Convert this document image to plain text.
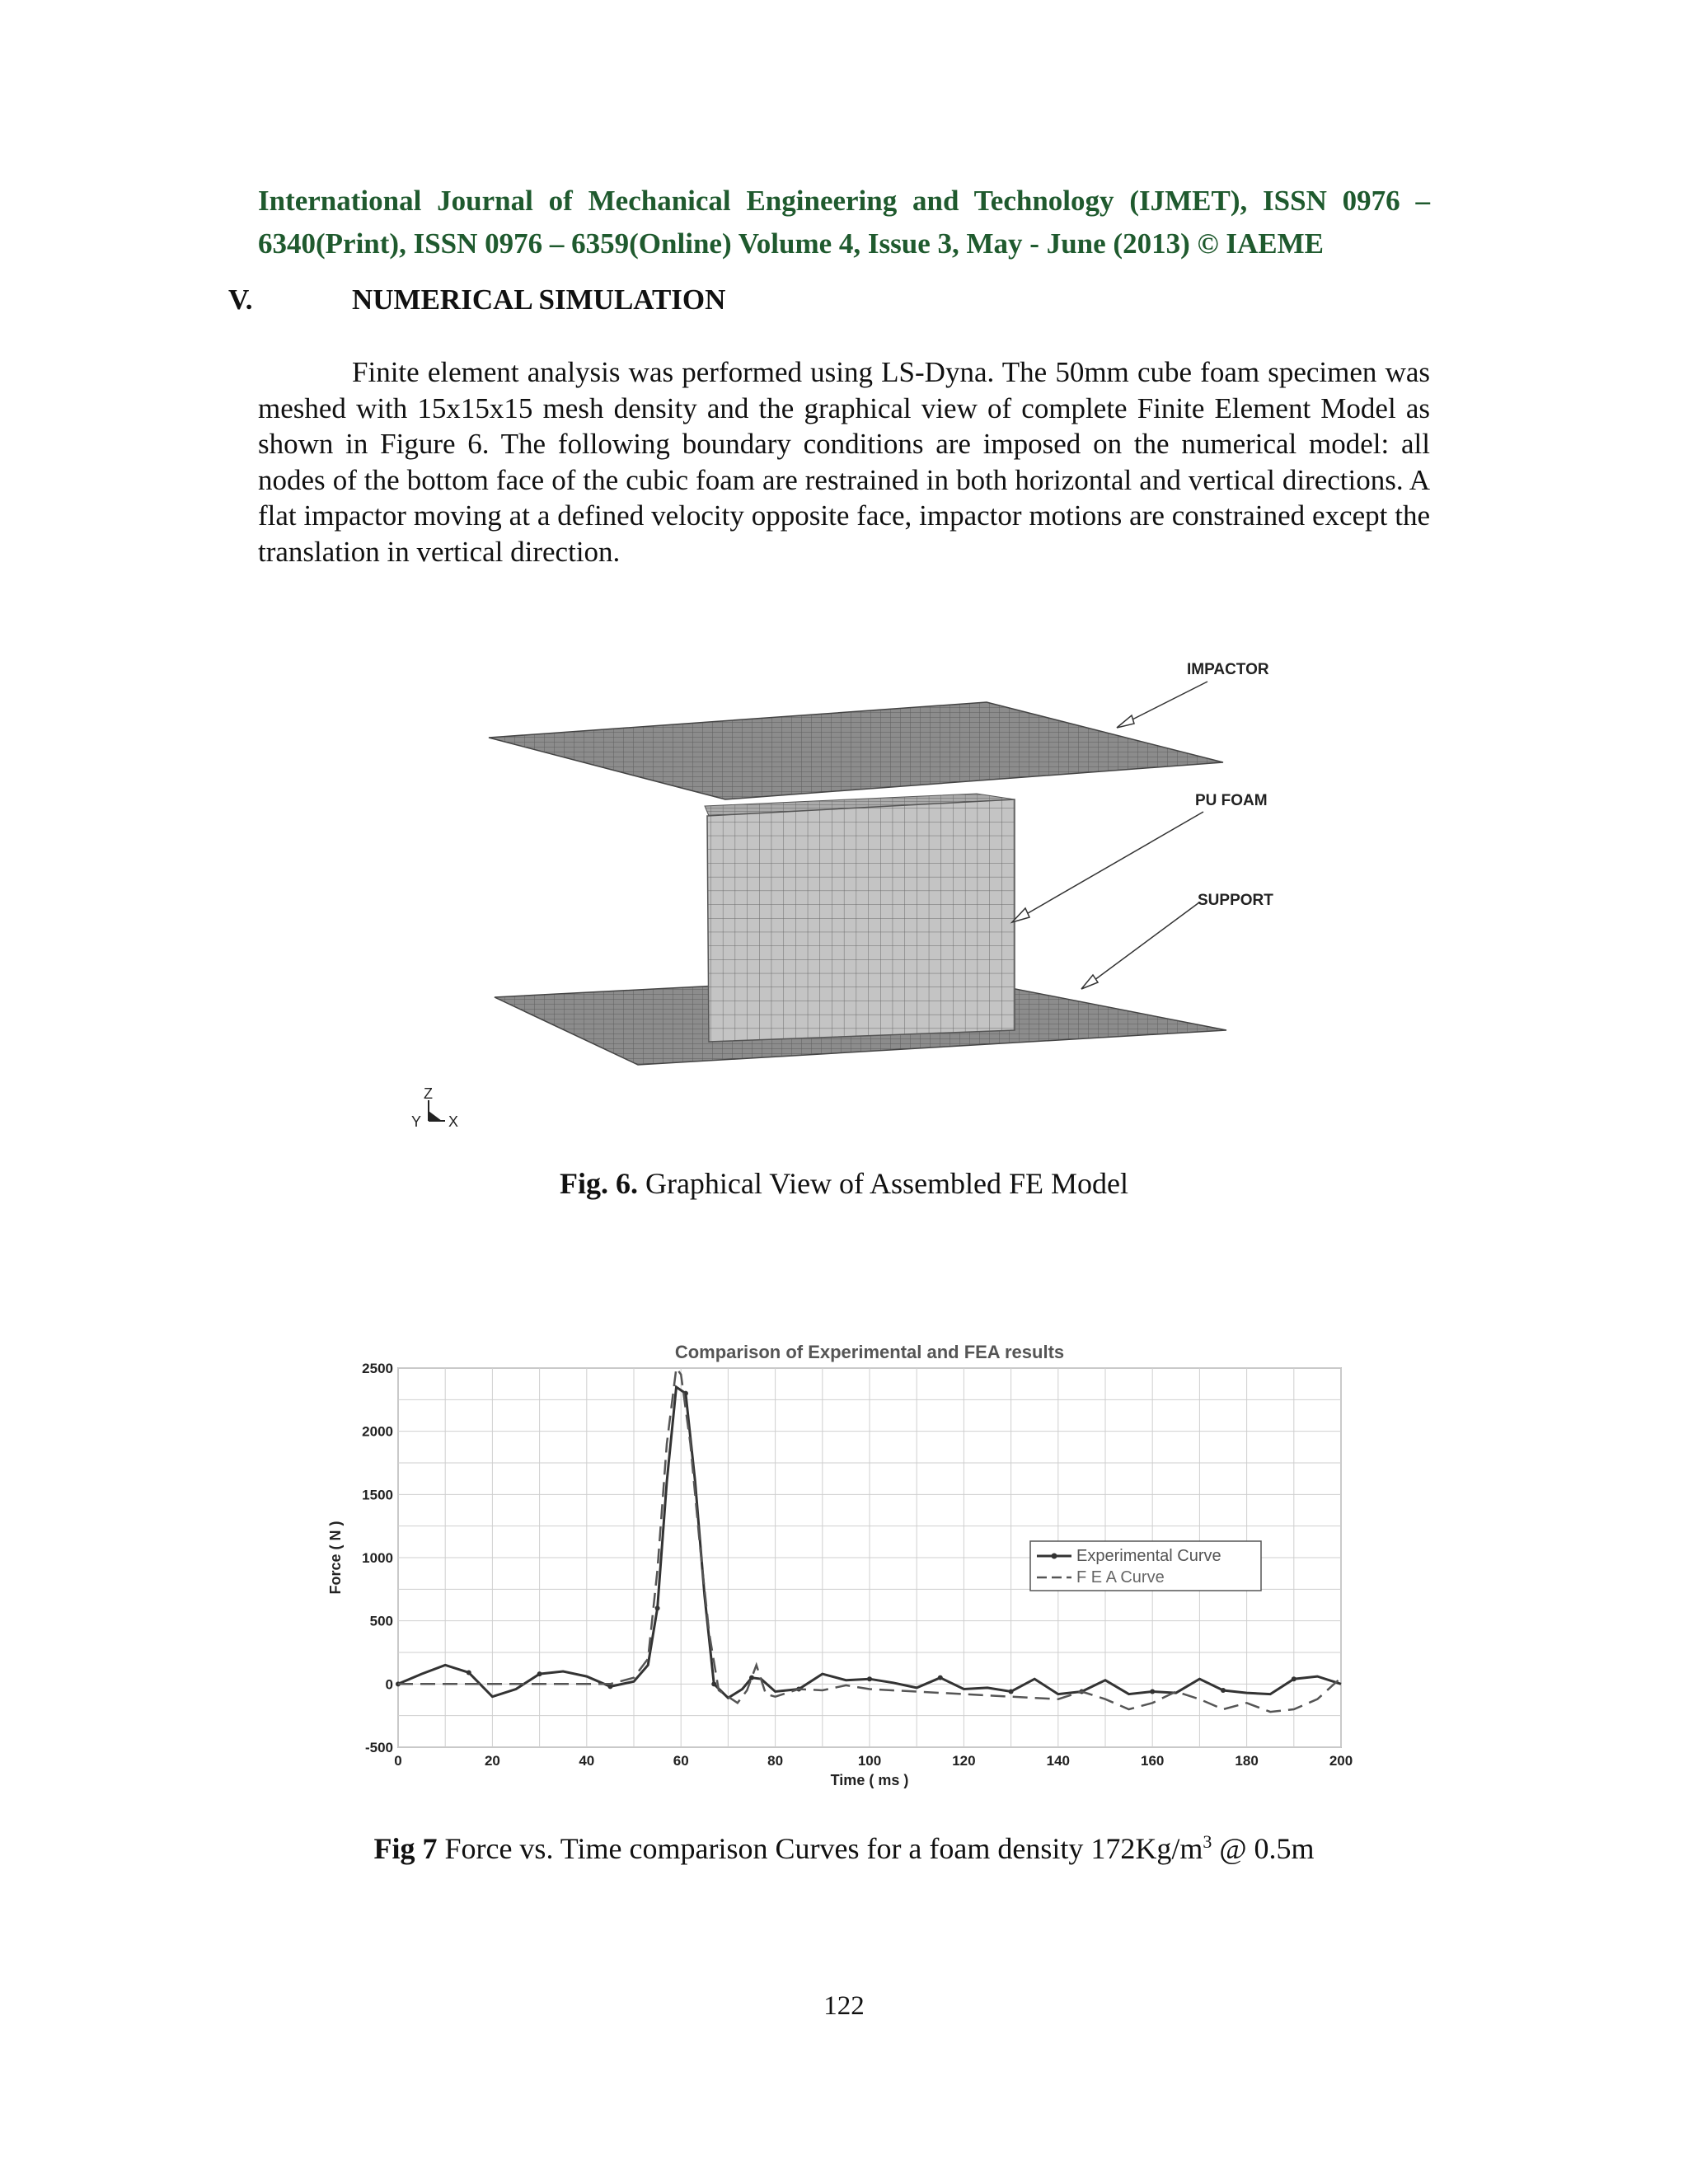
International Journal of Mechanical Engineering and Technology (IJMET), ISSN 0976 –
6340(Print), ISSN 0976 – 6359(Online) Volume 4, Issue 3, May - June (2013) © IAEME
V.	NUMERICAL SIMULATION
Finite element analysis was performed using LS-Dyna. The 50mm cube foam specimen was meshed with 15x15x15 mesh density and the graphical view of complete Finite Element Model as shown in Figure 6. The following boundary conditions are imposed on the numerical model: all nodes of the bottom face of the cubic foam are restrained in both horizontal and vertical directions. A flat impactor moving at a defined velocity opposite face, impactor motions are constrained except the translation in vertical direction.
IMPACTOR
PU FOAM
SUPPORT
Z
Y X
Fig. 6. Graphical View of Assembled FE Model
0	20	40	60	80	100	120	140	160	180	200
-500
0
500
1000
1500
2000
2500
Comparison of Experimental and FEA results
Time ( ms )
Force ( N )	Experimental Curve
F E A Curve
Fig 7 Force vs. Time comparison Curves for a foam density $172Kg/m^3$ @ 0.5m
122
